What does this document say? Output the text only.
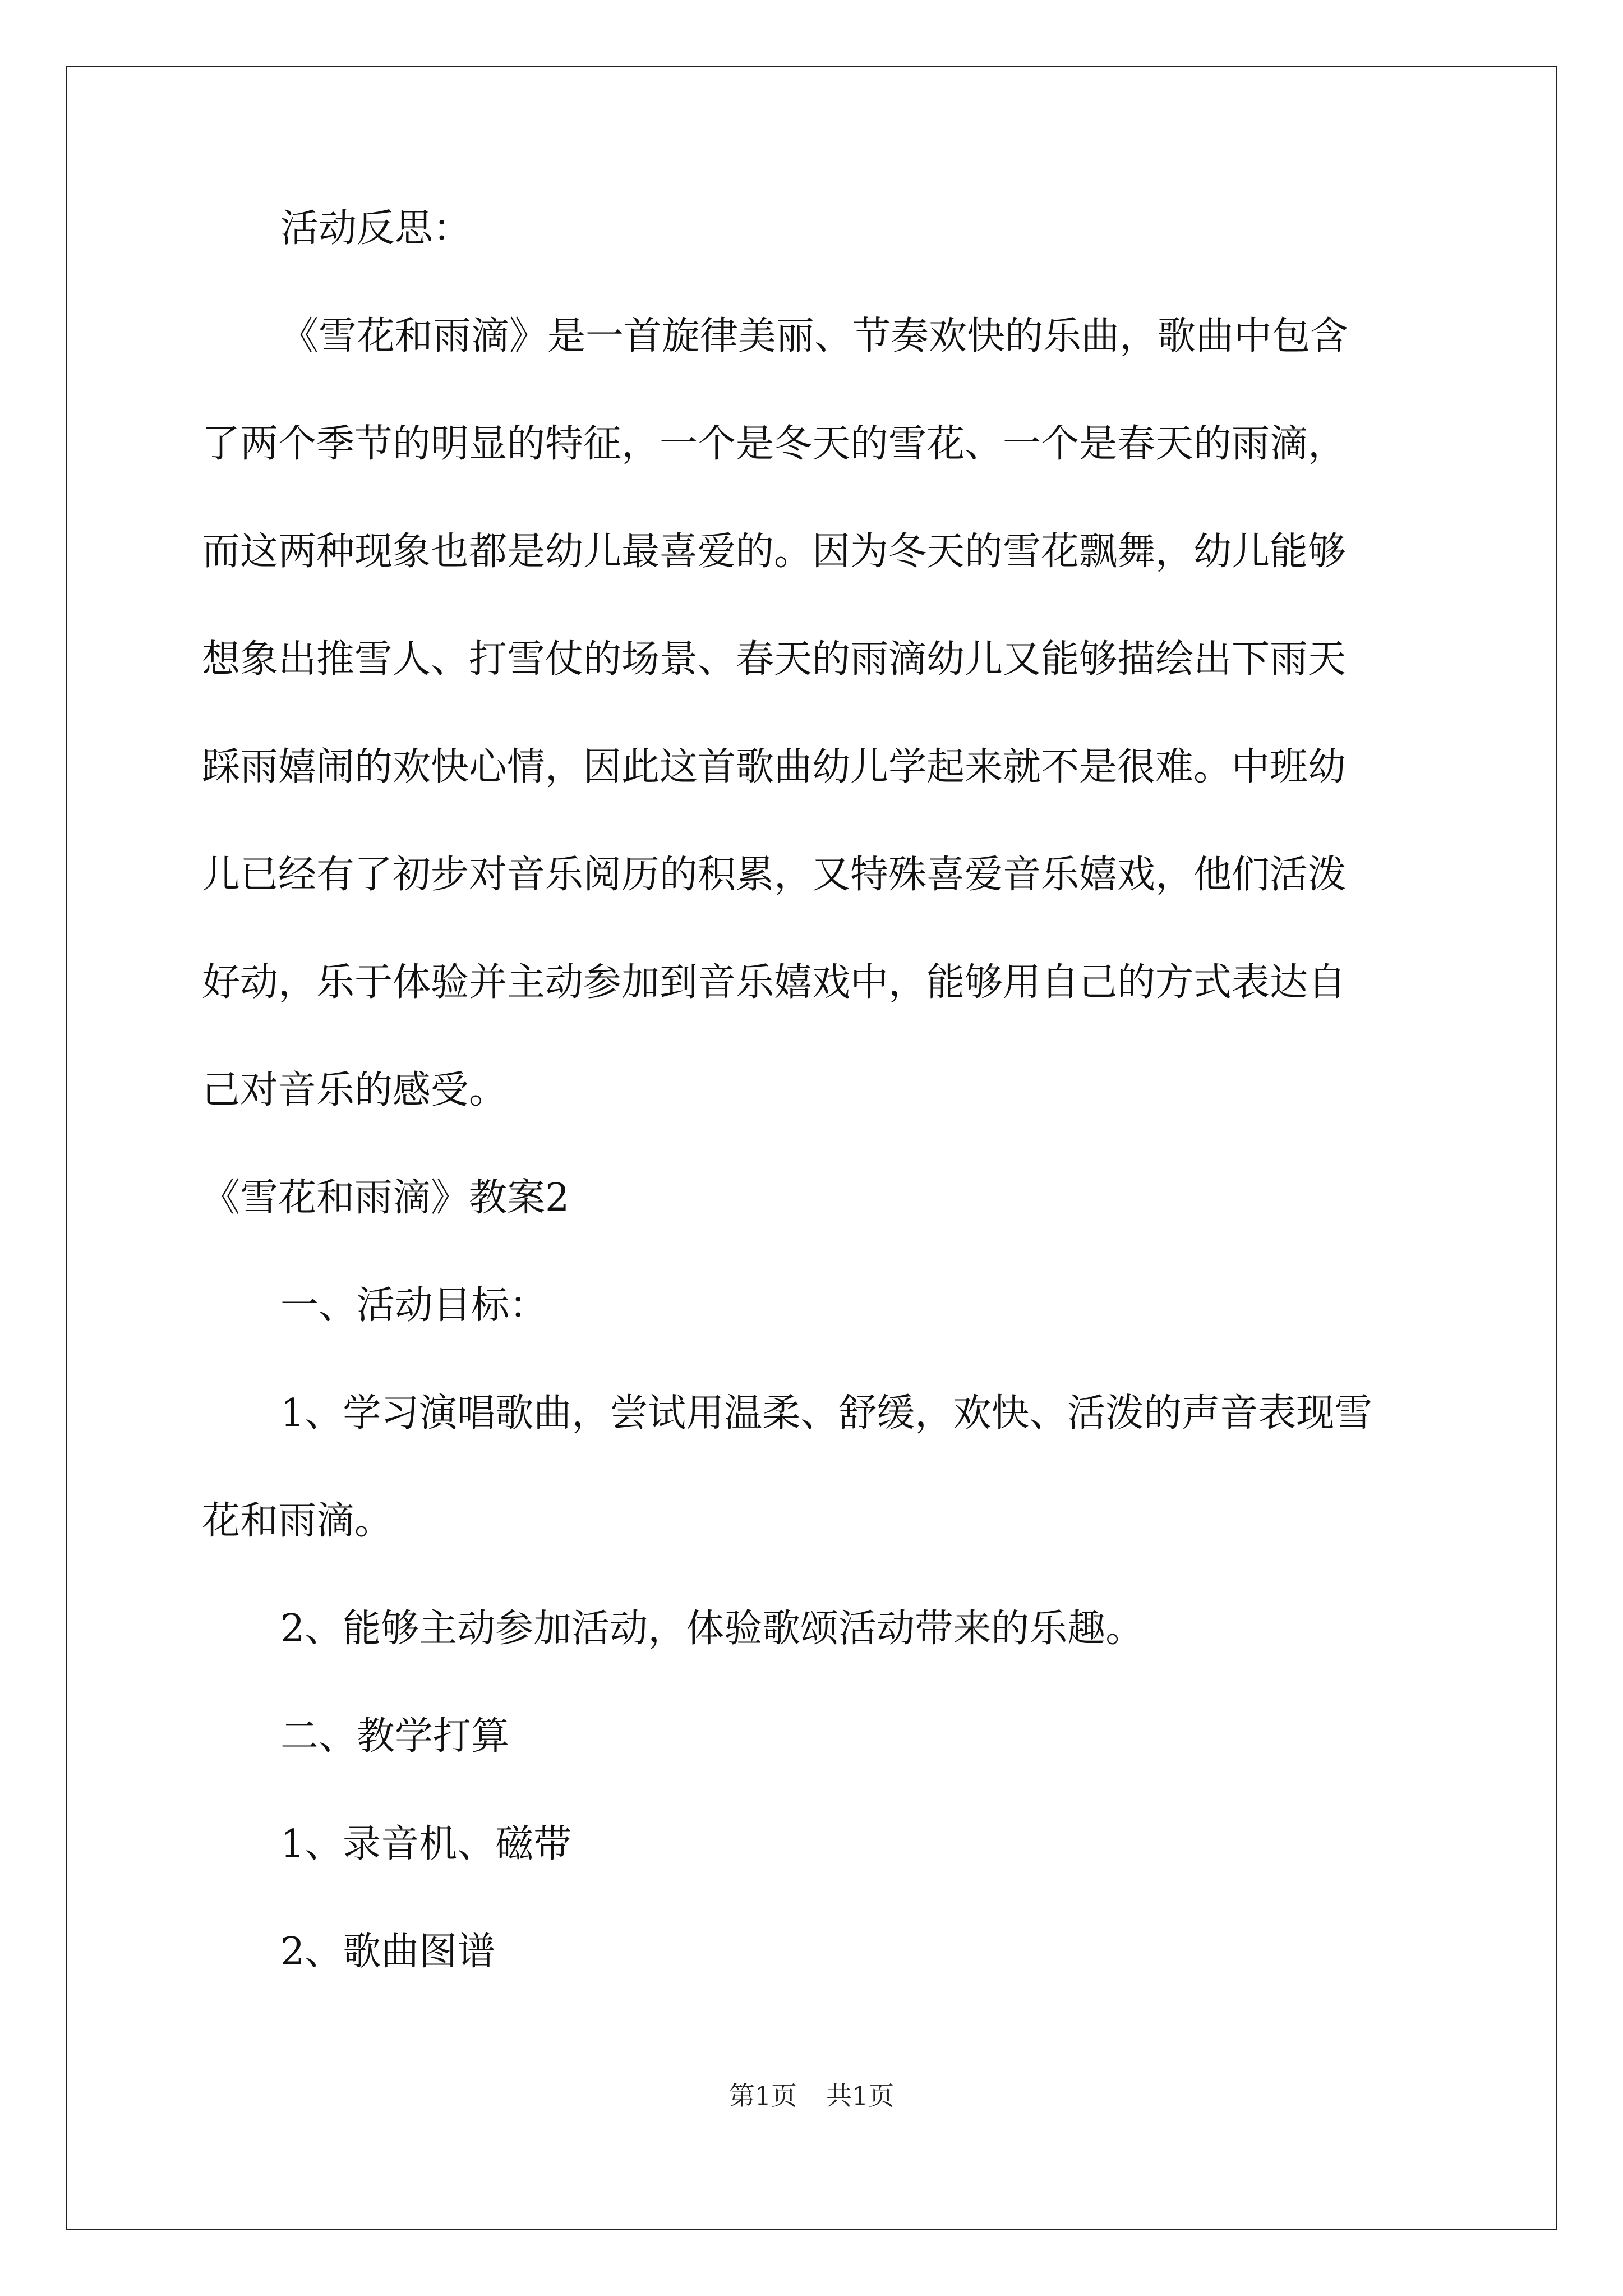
活动反思：

《雪花和雨滴》是一首旋律美丽、节奏欢快的乐曲，歌曲中包含

了两个季节的明显的特征，一个是冬天的雪花、一个是春天的雨滴，

而这两种现象也都是幼儿最喜爱的。因为冬天的雪花飘舞，幼儿能够

想象出推雪人、打雪仗的场景、春天的雨滴幼儿又能够描绘出下雨天

踩雨嬉闹的欢快心情，因此这首歌曲幼儿学起来就不是很难。中班幼

儿已经有了初步对音乐阅历的积累，又特殊喜爱音乐嬉戏，他们活泼

好动，乐于体验并主动参加到音乐嬉戏中，能够用自己的方式表达自

己对音乐的感受。

《雪花和雨滴》教案2

一、活动目标：

1、学习演唱歌曲，尝试用温柔、舒缓，欢快、活泼的声音表现雪

花和雨滴。

2、能够主动参加活动，体验歌颂活动带来的乐趣。

二、教学打算

1、录音机、磁带

2、歌曲图谱

第1页 共1页
